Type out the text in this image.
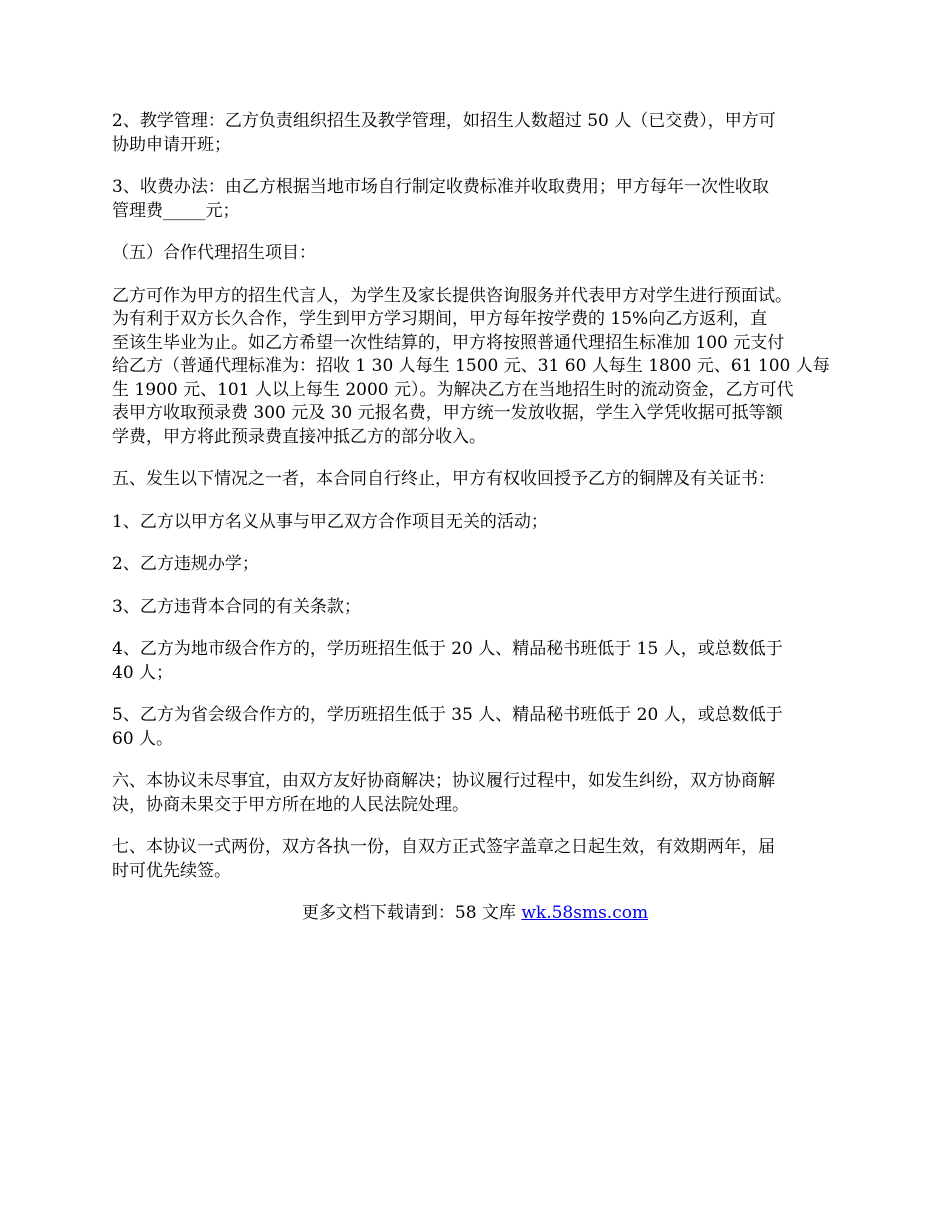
2、教学管理：乙方负责组织招生及教学管理，如招生人数超过 50 人（已交费），甲方可
协助申请开班；
3、收费办法：由乙方根据当地市场自行制定收费标准并收取费用；甲方每年一次性收取
管理费_____元；
（五）合作代理招生项目：
乙方可作为甲方的招生代言人，为学生及家长提供咨询服务并代表甲方对学生进行预面试。
为有利于双方长久合作，学生到甲方学习期间，甲方每年按学费的 15%向乙方返利，直
至该生毕业为止。如乙方希望一次性结算的，甲方将按照普通代理招生标准加 100 元支付
给乙方（普通代理标准为：招收 1 30 人每生 1500 元、31 60 人每生 1800 元、61 100 人每
生 1900 元、101 人以上每生 2000 元）。为解决乙方在当地招生时的流动资金，乙方可代
表甲方收取预录费 300 元及 30 元报名费，甲方统一发放收据，学生入学凭收据可抵等额
学费，甲方将此预录费直接冲抵乙方的部分收入。
五、发生以下情况之一者，本合同自行终止，甲方有权收回授予乙方的铜牌及有关证书：
1、乙方以甲方名义从事与甲乙双方合作项目无关的活动；
2、乙方违规办学；
3、乙方违背本合同的有关条款；
4、乙方为地市级合作方的，学历班招生低于 20 人、精品秘书班低于 15 人，或总数低于
40 人；
5、乙方为省会级合作方的，学历班招生低于 35 人、精品秘书班低于 20 人，或总数低于
60 人。
六、本协议未尽事宜，由双方友好协商解决；协议履行过程中，如发生纠纷，双方协商解
决，协商未果交于甲方所在地的人民法院处理。
七、本协议一式两份，双方各执一份，自双方正式签字盖章之日起生效，有效期两年，届
时可优先续签。
更多文档下载请到：58 文库 wk.58sms.com
